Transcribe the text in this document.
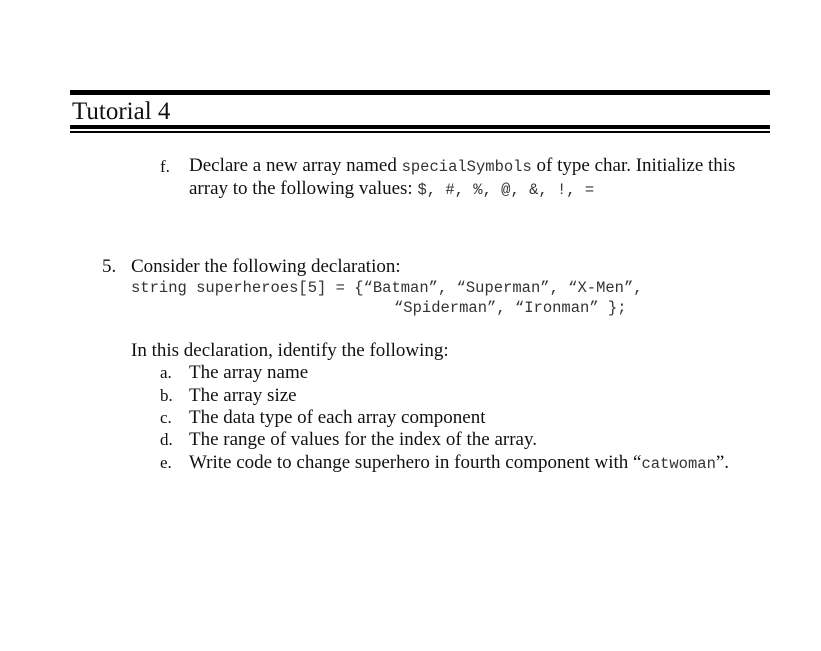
Tutorial 4
f. Declare a new array named specialSymbols of type char. Initialize this
array to the following values: $, #, %, @, &, !, =
5. Consider the following declaration:
string superheroes[5] = {“Batman”, “Superman”, “X-Men”,
“Spiderman”, “Ironman” };
In this declaration, identify the following:
a. The array name
b. The array size
c. The data type of each array component
d. The range of values for the index of the array.
e. Write code to change superhero in fourth component with “catwoman”.
